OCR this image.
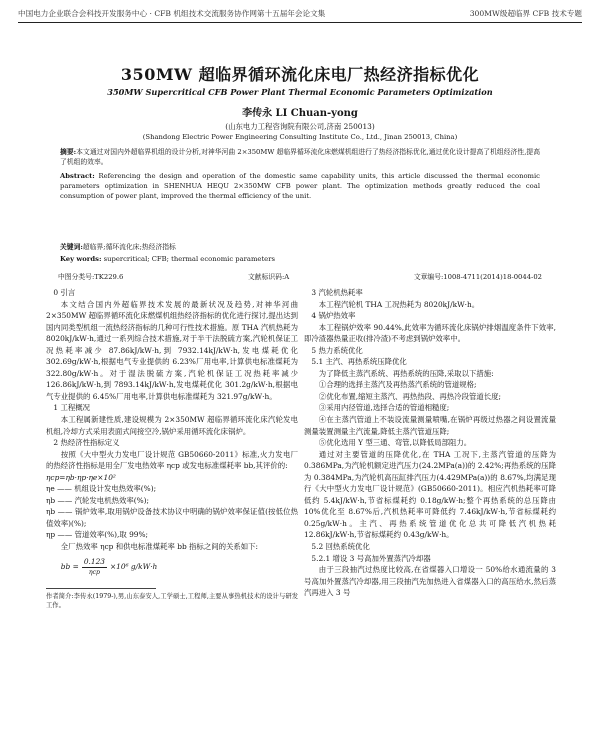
中国电力企业联合会科技开发服务中心 · CFB 机组技术交流服务协作网第十五届年会论文集	300MW级超临界 CFB 技术专题
350MW 超临界循环流化床电厂热经济指标优化
350MW Supercritical CFB Power Plant Thermal Economic Parameters Optimization
李传永 LI Chuan-yong
(山东电力工程咨询院有限公司,济南 250013)
(Shandong Electric Power Engineering Consulting Institute Co., Ltd., Jinan 250013, China)
摘要:本文通过对国内外超临界机组的设计分析,对神华河曲 2×350MW 超临界循环流化床燃煤机组进行了热经济指标优化,通过优化设计提高了机组经济性,提高了机组的效率。
Abstract: Referencing the design and operation of the domestic same capability units, this article discussed the thermal economic parameters optimization in SHENHUA HEQU 2×350MW CFB power plant. The optimization methods greatly reduced the coal consumption of power plant, improved the thermal efficiency of the unit.
关键词:超临界;循环流化床;热经济指标
Key words: supercritical; CFB; thermal economic parameters
中图分类号:TK229.6	文献标识码:A	文章编号:1008-4711(2014)18-0044-02

0 引言

本文结合国内外超临界技术发展的最新状况及趋势,对神华河曲 2×350MW 超临界循环流化床燃煤机组热经济指标的优化进行探讨,提出达到国内同类型机组一流热经济指标的几种可行性技术措施。原 THA 汽机热耗为 8020kJ/kW·h,通过一系列综合技术措施,对于半干法脱硫方案,汽轮机保证工况热耗率减少 87.86kJ/kW·h,到 7932.14kJ/kW·h,发电煤耗优化 302.69g/kW·h,根据电气专业提供的 6.23%厂用电率,计算供电标准煤耗为 322.80g/kW·h。对于湿法脱硫方案,汽轮机保证工况热耗率减少 126.86kJ/kW·h,到 7893.14kJ/kW·h,发电煤耗优化 301.2g/kW·h,根据电气专业提供的 6.45%厂用电率,计算供电标准煤耗为 321.97g/kW·h。

1 工程概况

本工程属新建性质,建设规模为 2×350MW 超临界循环流化床汽轮发电机组,冷却方式采用表面式间接空冷,锅炉采用循环流化床锅炉。

2 热经济性指标定义

按照《大中型火力发电厂设计规范 GB50660-2011》标准,火力发电厂的热经济性指标是用全厂发电热效率 ηcp 或发电标准煤耗率 bb,其评价的:

ηcp=ηb·ηp·ηe×10²

ηe —— 机组设计发电热效率(%);

ηb —— 汽轮发电机热效率(%);

ηb —— 锅炉效率,取用锅炉设备技术协议中明确的锅炉效率保证值(按低位热值效率)(%);

ηp —— 管道效率(%),取 99%;

全厂热效率 ηcp 和供电标准煤耗率 bb 指标之间的关系如下:

bb = $\frac{0.123}{\text{ηcp}} \times 10^6$ g/kW·h

作者简介:李传永(1979-),男,山东泰安人,工学硕士,工程师,主要从事热机技术的设计与研发工作。

3 汽轮机热耗率

本工程汽轮机 THA 工况热耗为 8020kJ/kW·h。

4 锅炉热效率

本工程锅炉效率 90.44%,此效率为循环流化床锅炉排烟温度条件下效率,即冷渣器热量正收(排冷渣)不考虑到锅炉效率中。

5 热力系统优化

5.1 主汽、再热系统压降优化

为了降低主蒸汽系统、再热系统的压降,采取以下措施:

①合理的选择主蒸汽及再热蒸汽系统的管道规格;

②优化布置,缩短主蒸汽、再热热段、再热冷段管道长度;

③采用内径管道,选择合适的管道相糙度;

④在主蒸汽管道上不装设流量测量喷嘴,在锅炉再级过热器之间设置流量测量装置测量主汽流量,降低主蒸汽管道压降;

⑤优化选用 Y 型三通、弯管,以降低局部阻力。

通过对主要管道的压降优化,在 THA 工况下,主蒸汽管道的压降为 0.386MPa,为汽轮机额定进汽压力(24.2MPa(a))的 2.42%;再热系统的压降为 0.384MPa,为汽轮机高压缸排汽压力(4.429MPa(a))的 8.67%,均满足现行《大中型火力发电厂设计规范》(GB50660-2011)。相应汽机热耗率可降低约 5.4kJ/kW·h,节省标煤耗约 0.18g/kW·h;整个再热系统的总压降由 10%优化至 8.67%后,汽机热耗率可降低约 7.46kJ/kW·h,节省标煤耗约 0.25g/kW·h。主汽、再热系统管道优化总共可降低汽机热耗 12.86kJ/kW·h,节省标煤耗约 0.43g/kW·h。

5.2 回热系统优化

5.2.1 增设 3 号高加外置蒸汽冷却器

由于三段抽汽过热度比较高,在省煤器入口增设一 50%给水通流量的 3 号高加外置蒸汽冷却器,用三段抽汽先加热进入省煤器入口的高压给水,然后蒸汽再进入 3 号
